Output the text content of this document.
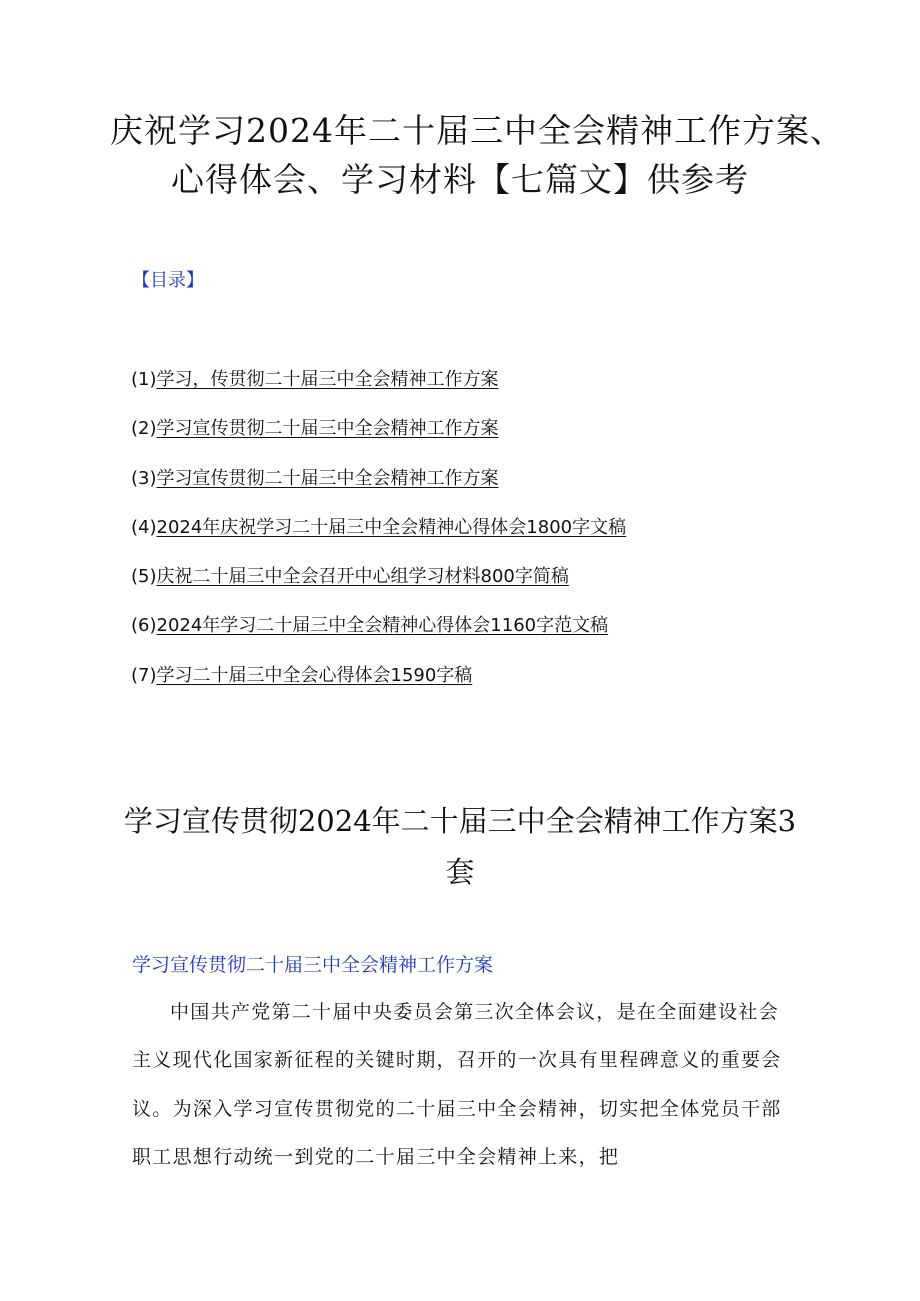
庆祝学习2024年二十届三中全会精神工作方案、
心得体会、学习材料【七篇文】供参考
【目录】
(1)学习，传贯彻二十届三中全会精神工作方案
(2)学习宣传贯彻二十届三中全会精神工作方案
(3)学习宣传贯彻二十届三中全会精神工作方案
(4)2024年庆祝学习二十届三中全会精神心得体会1800字文稿
(5)庆祝二十届三中全会召开中心组学习材料800字简稿
(6)2024年学习二十届三中全会精神心得体会1160字范文稿
(7)学习二十届三中全会心得体会1590字稿
学习宣传贯彻2024年二十届三中全会精神工作方案3
套
学习宣传贯彻二十届三中全会精神工作方案
中国共产党第二十届中央委员会第三次全体会议，是在全面建设社会
主义现代化国家新征程的关键时期，召开的一次具有里程碑意义的重要会
议。为深入学习宣传贯彻党的二十届三中全会精神，切实把全体党员干部
职工思想行动统一到党的二十届三中全会精神上来，把
